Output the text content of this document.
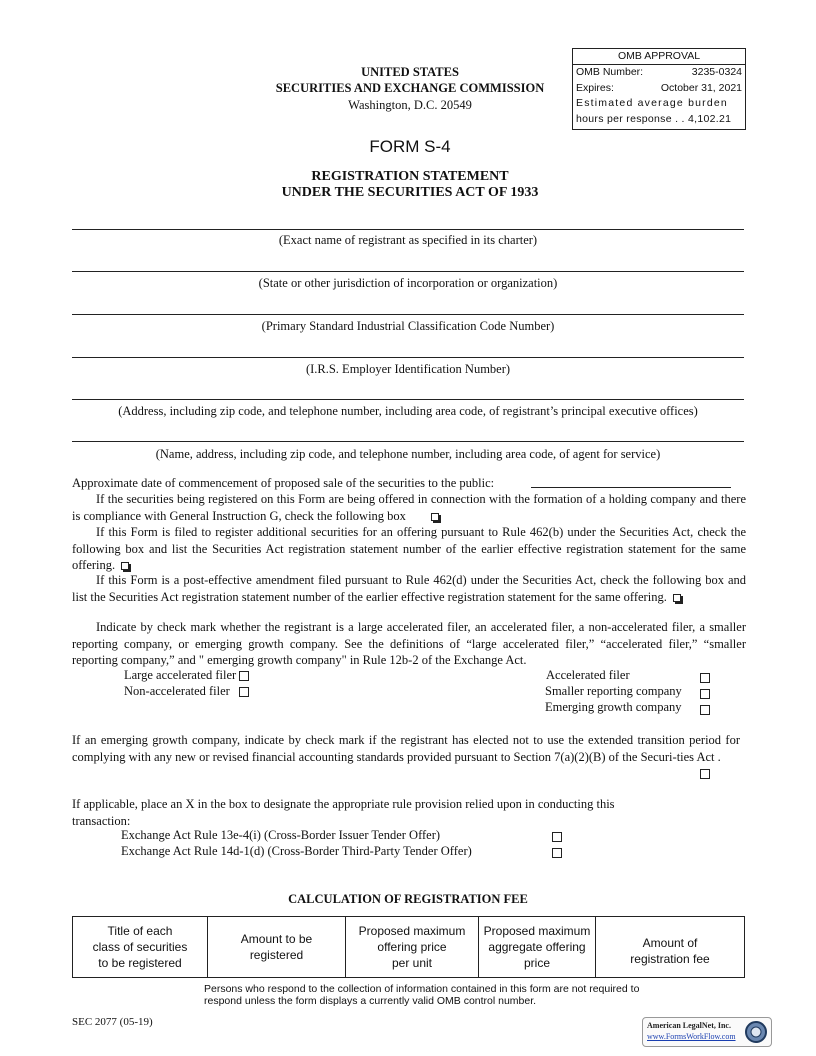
OMB APPROVAL
OMB Number:	3235-0324
Expires:	October 31, 2021
Estimated average burden
hours per response . . 4,102.21
UNITED STATES
SECURITIES AND EXCHANGE COMMISSION
Washington, D.C. 20549
FORM S-4
REGISTRATION STATEMENT
UNDER THE SECURITIES ACT OF 1933
(Exact name of registrant as specified in its charter)
(State or other jurisdiction of incorporation or organization)
(Primary Standard Industrial Classification Code Number)
(I.R.S. Employer Identification Number)
(Address, including zip code, and telephone number, including area code, of registrant’s principal executive offices)
(Name, address, including zip code, and telephone number, including area code, of agent for service)
Approximate date of commencement of proposed sale of the securities to the public:
If the securities being registered on this Form are being offered in connection with the formation of a holding company and there is compliance with General Instruction G, check the following box
If this Form is filed to register additional securities for an offering pursuant to Rule 462(b) under the Securities Act, check the following box and list the Securities Act registration statement number of the earlier effective registration statement for the same offering.
If this Form is a post-effective amendment filed pursuant to Rule 462(d) under the Securities Act, check the following box and list the Securities Act registration statement number of the earlier effective registration statement for the same offering.
Indicate by check mark whether the registrant is a large accelerated filer, an accelerated filer, a non-accelerated filer, a smaller reporting company, or emerging growth company. See the definitions of “large accelerated filer,” “accelerated filer,” “smaller reporting company,” and " emerging growth company" in Rule 12b-2 of the Exchange Act.
Large accelerated filer
Non-accelerated filer
Accelerated filer
Smaller reporting company
Emerging growth company
If an emerging growth company, indicate by check mark if the registrant has elected not to use the extended transition period for complying with any new or revised financial accounting standards provided pursuant to Section 7(a)(2)(B) of the Securi-ties Act .
If applicable, place an X in the box to designate the appropriate rule provision relied upon in conducting this transaction:
Exchange Act Rule 13e-4(i) (Cross-Border Issuer Tender Offer)
Exchange Act Rule 14d-1(d) (Cross-Border Third-Party Tender Offer)
CALCULATION OF REGISTRATION FEE
Title of each
class of securities
to be registered

Amount to be
registered

Proposed maximum
offering price
per unit

Proposed maximum
aggregate offering
price

Amount of
registration fee
Persons who respond to the collection of information contained in this form are not required to respond unless the form displays a currently valid OMB control number.
SEC 2077 (05-19)	American LegalNet, Inc.
www.FormsWorkFlow.com
